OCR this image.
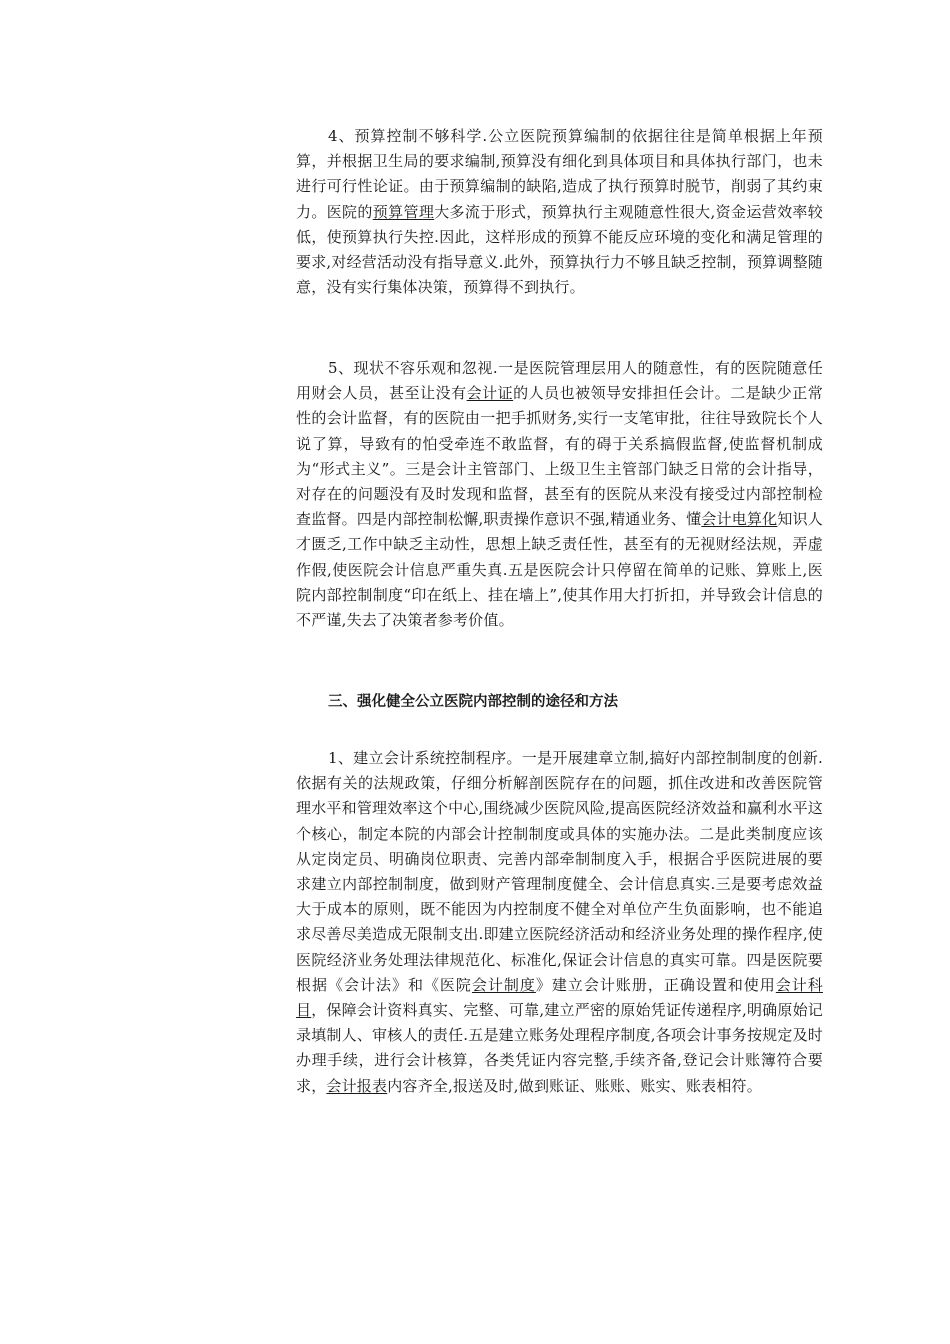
4、预算控制不够科学.公立医院预算编制的依据往往是简单根据上年预算，并根据卫生局的要求编制,预算没有细化到具体项目和具体执行部门，也未进行可行性论证。由于预算编制的缺陷,造成了执行预算时脱节，削弱了其约束力。医院的预算管理大多流于形式，预算执行主观随意性很大,资金运营效率较低，使预算执行失控.因此，这样形成的预算不能反应环境的变化和满足管理的要求,对经营活动没有指导意义.此外，预算执行力不够且缺乏控制，预算调整随意，没有实行集体决策，预算得不到执行。

5、现状不容乐观和忽视.一是医院管理层用人的随意性，有的医院随意任用财会人员，甚至让没有会计证的人员也被领导安排担任会计。二是缺少正常性的会计监督，有的医院由一把手抓财务,实行一支笔审批，往往导致院长个人说了算，导致有的怕受牵连不敢监督，有的碍于关系搞假监督,使监督机制成为“形式主义”。三是会计主管部门、上级卫生主管部门缺乏日常的会计指导，对存在的问题没有及时发现和监督，甚至有的医院从来没有接受过内部控制检查监督。四是内部控制松懈,职责操作意识不强,精通业务、懂会计电算化知识人才匮乏,工作中缺乏主动性，思想上缺乏责任性，甚至有的无视财经法规，弄虚作假,使医院会计信息严重失真.五是医院会计只停留在简单的记账、算账上,医院内部控制制度“印在纸上、挂在墙上”,使其作用大打折扣，并导致会计信息的不严谨,失去了决策者参考价值。

三、强化健全公立医院内部控制的途径和方法

1、建立会计系统控制程序。一是开展建章立制,搞好内部控制制度的创新.依据有关的法规政策，仔细分析解剖医院存在的问题，抓住改进和改善医院管理水平和管理效率这个中心,围绕减少医院风险,提高医院经济效益和赢利水平这个核心，制定本院的内部会计控制制度或具体的实施办法。二是此类制度应该从定岗定员、明确岗位职责、完善内部牵制制度入手，根据合乎医院进展的要求建立内部控制制度，做到财产管理制度健全、会计信息真实.三是要考虑效益大于成本的原则，既不能因为内控制度不健全对单位产生负面影响，也不能追求尽善尽美造成无限制支出.即建立医院经济活动和经济业务处理的操作程序,使医院经济业务处理法律规范化、标准化,保证会计信息的真实可靠。四是医院要根据《会计法》和《医院会计制度》建立会计账册，正确设置和使用会计科目，保障会计资料真实、完整、可靠,建立严密的原始凭证传递程序,明确原始记录填制人、审核人的责任.五是建立账务处理程序制度,各项会计事务按规定及时办理手续，进行会计核算，各类凭证内容完整,手续齐备,登记会计账簿符合要求，会计报表内容齐全,报送及时,做到账证、账账、账实、账表相符。
